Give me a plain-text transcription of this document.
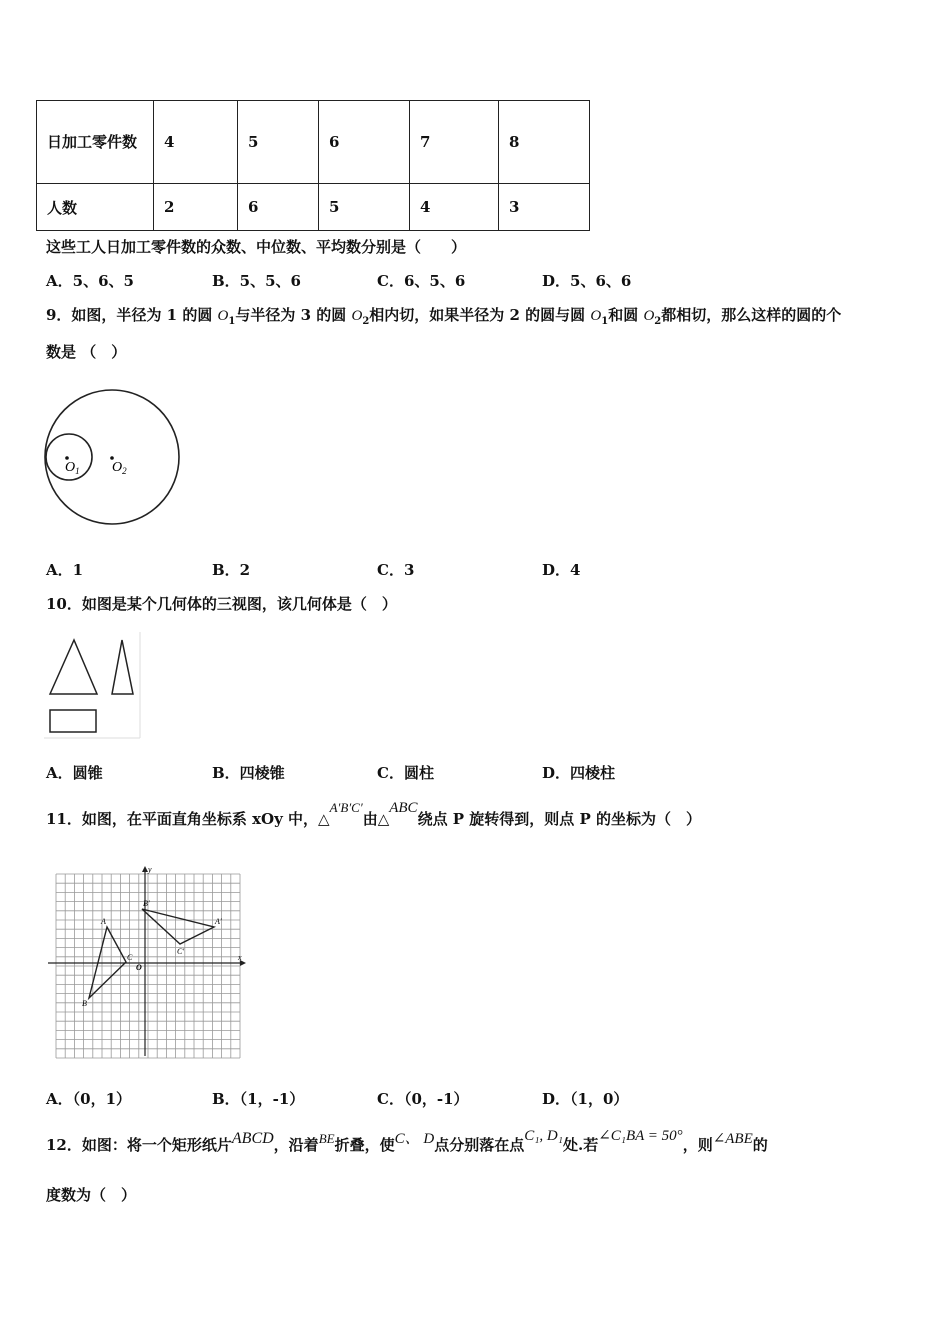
日加工零件数	4	5	6	7	8
人数	2	6	5	4	3
这些工人日加工零件数的众数、中位数、平均数分别是（　　）
A．5、6、5	B．5、5、6	C．6、5、6	D．5、6、6
9．如图，半径为 1 的圆 $O_1$与半径为 3 的圆 $O_2$相内切，如果半径为 2 的圆与圆 $O_1$和圆 $O_2$都相切，那么这样的圆的个
数是 （　）
$O_1$ $O_2$
A．1	B．2	C．3	D．4
10．如图是某个几何体的三视图，该几何体是（　）
A．圆锥	B．四棱锥	C．圆柱	D．四棱柱
11．如图，在平面直角坐标系 xOy 中，△A′B′C′由△ABC绕点 P 旋转得到，则点 P 的坐标为（　）
y
x
O
A
B
C
A′
B′
C′
A．（0，1）	B．（1，-1）	C．（0，-1）	D．（1，0）
12．如图：将一个矩形纸片ABCD，沿着BE折叠，使C、 D点分别落在点C₁, D₁处.若∠C₁BA = 50°，则∠ABE的
度数为（　）
